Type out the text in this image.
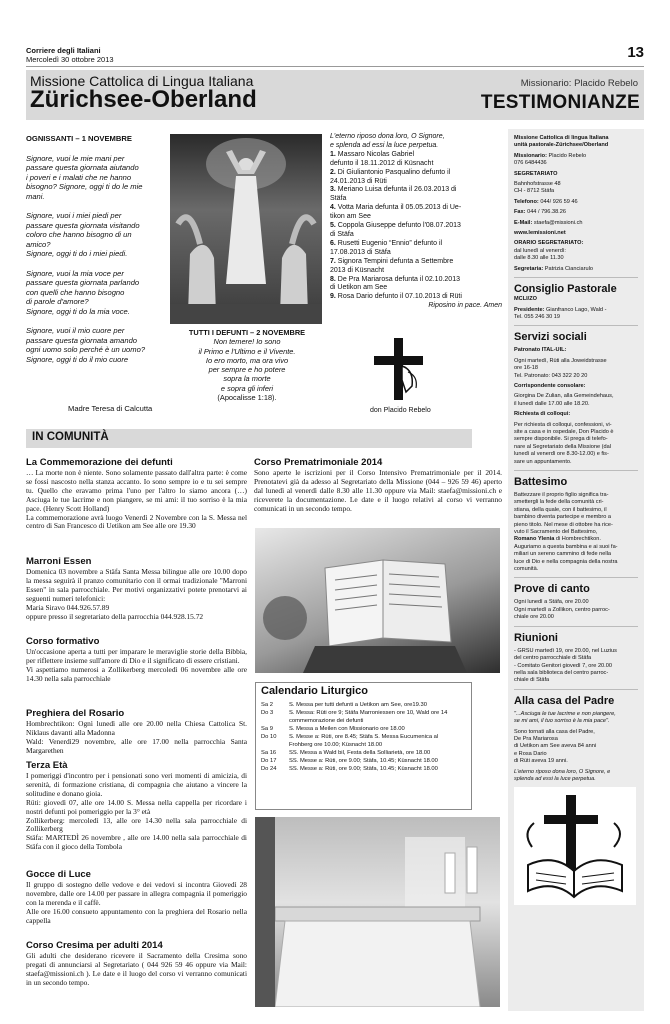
Corriere degli Italiani
Mercoledì 30 ottobre 2013	13
Missione Cattolica di Lingua Italiana
Zürichsee-Oberland
Missionario: Placido Rebelo
TESTIMONIANZE
OGNISSANTI – 1 NOVEMBRE
Signore, vuoi le mie mani per
passare questa giornata aiutando
i poveri e i malati che ne hanno
bisogno? Signore, oggi ti do le mie
mani.
Signore, vuoi i miei piedi per
passare questa giornata visitando
coloro che hanno bisogno di un
amico?
Signore, oggi ti do i miei piedi.
Signore, vuoi la mia voce per
passare questa giornata parlando
con quelli che hanno bisogno
di parole d'amore?
Signore, oggi ti do la mia voce.
Signore, vuoi il mio cuore per
passare questa giornata amando
ogni uomo solo perché è un uomo?
Signore, oggi ti do il mio cuore
Madre Teresa di Calcutta
TUTTI I DEFUNTI – 2 NOVEMBRE
Non temere! Io sono
il Primo e l'Ultimo e il Vivente.
Io ero morto, ma ora vivo
per sempre e ho potere
sopra la morte
e sopra gli inferi
(Apocalisse 1:18).
L'eterno riposo dona loro, O Signore,
e splenda ad essi la luce perpetua.
1. Massaro Nicolas Gabriel
defunto il 18.11.2012 di Küsnacht
2. Di Giuliantonio Pasqualino defunto il
24.01.2013 di Rüti
3. Meriano Luisa defunta il 26.03.2013 di
Stäfa
4. Votta Maria defunta il 05.05.2013 di Ue-
tikon am See
5. Coppola Giuseppe defunto l'08.07.2013
di Stäfa
6. Rusetti Eugenio “Ennio” defunto il
17.08.2013 di Stäfa
7. Signora Tempini defunta a Settembre
2013 di Küsnacht
8. De Pra Mariarosa defunta il 02.10.2013
di Uetikon am See
9. Rosa Dario defunto il 07.10.2013 di Rüti
Riposino in pace. Amen
don Placido Rebelo
IN COMUNITÀ
La Commemorazione dei defunti

… La morte non è niente. Sono solamente passato dall'altra parte: è come se fossi nascosto nella stanza accanto. Io sono sempre io e tu sei sempre tu. Quello che eravamo prima l'uno per l'altro lo siamo ancora (…) Asciuga le tue lacrime e non piangere, se mi ami: il tuo sorriso è la mia pace. (Henry Scott Holland)

La commemorazione avrà luogo Venerdì 2 Novembre con la S. Messa nel centro di San Francesco di Uetikon am See alle ore 19.30

Marroni Essen

Domenica 03 novembre a Stäfa Santa Messa bilingue alle ore 10.00 dopo la messa seguirà il pranzo comunitario con il ormai tradizionale "Marroni Essen" in sala parrocchiale. Per motivi organizzativi potete prenotarvi ai seguenti numeri telefonici:

Maria Siravo 044.926.57.89

oppure presso il segretariato della parrocchia 044.928.15.72

Corso formativo

Un'occasione aperta a tutti per imparare le meraviglie storie della Bibbia, per riflettere insieme sull'amore di Dio e il significato di essere cristiani.

Vi aspettiamo numerosi a Zollikerberg mercoledì 06 novembre alle ore 14.30 nella sala parrocchiale

Preghiera del Rosario

Hombrechtikon: Ognì lunedì alle ore 20.00 nella Chiesa Cattolica St. Niklaus davanti alla Madonna

Wald: Venerdì29 novembre, alle ore 17.00 nella parrocchia Santa Margarethen

Terza Età

I pomeriggi d'incontro per i pensionati sono veri momenti di amicizia, di serenità, di formazione cristiana, di compagnia che aiutano a vincere la solitudine e donano gioia.

Rüti: giovedì 07, alle ore 14.00 S. Messa nella cappella per ricordare i nostri defunti poi pomeriggio per la 3° età

Zollikerberg: mercoledì 13, alle ore 14.30 nella sala parrocchiale di Zollikerberg

Stäfa: MARTEDÌ 26 novembre , alle ore 14.00 nella sala parrocchiale di Stäfa con il gioco della Tombola

Gocce di Luce

Il gruppo di sostegno delle vedove e dei vedovi si incontra Giovedì 28 novembre, dalle ore 14.00 per passare in allegra compagnia il pomeriggio con la merenda e il caffè.

Alle ore 16.00 consueto appuntamento con la preghiera del Rosario nella cappella

Corso Cresima per adulti 2014

Gli adulti che desiderano ricevere il Sacramento della Cresima sono pregati di annunciarsi al Segretariato ( 044 926 59 46 oppure via Mail: staefa@missioni.ch ). Le date e il luogo del corso vi verranno comunicati in un secondo tempo.

Corso Prematrimoniale 2014

Sono aperte le iscrizioni per il Corso Intensivo Prematrimoniale per il 2014. Prenotatevi già da adesso al Segretariato della Missione (044 – 926 59 46) aperto dal lunedì al venerdì dalle 8.30 alle 11.30 oppure via Mail: staefa@missioni.ch e riceverete la documentazione. Le date e il luogo relativi al corso vi verranno comunicati in un secondo tempo.

Calendario Liturgico
Sa 2	S. Messa per tutti defunti a Uetikon am See, ore19.30
Do 3	S. Messa: Rüti ore 9; Stäfa Marroniessen ore 10, Wald ore 14
commemorazione dei defunti
Sa 9	S. Messa a Meilen con Missionario ore 18.00
Do 10	S. Messe a: Rüti, ore 8.45; Stäfa S. Messa Eucumenica al
Frohberg ore 10.00; Küsnacht 18.00
Sa 16	SS. Messa a Wald bil, Festa della Solliarietà, ore 18.00
Do 17	SS. Messe a: Rüti, ore 9.00; Stäfa, 10.45; Küsnacht 18.00
Do 24	SS. Messe a: Rüti, ore 9.00; Stäfa, 10.45; Küsnacht 18.00

Missione Cattolica di lingua Italiana
unità pastorale-Zürichsee/Oberland

Missionario: Placido Rebelo
076 6484436

SEGRETARIATO

Bahnhofstrasse 48
CH - 8712 Stäfa

Telefono: 044/ 926 59 46

Fax: 044 / 796.38.26

E-Mail: staefa@missioni.ch

www.lemissioni.net

ORARIO SEGRETARIATO:
dal lunedì al venerdì:
dalle 8.30 alle 11.30

Segretaria: Patrizia Cianciarulo

Consiglio Pastorale

MCLI/ZO

Presidente: Gianfranco Lago, Wald -
Tel. 055 246 30 19

Servizi sociali

Patronato ITAL-UIL:

Ogni martedì, Rüti alla Joweidstrasse
ore 16-18
Tel. Patronato: 043 322 20 20

Corrispondente consolare:

Giorgina De Zulian, alla Gemeindehaus,
il lunedì dalle 17.00 alle 18.20.

Richiesta di colloqui:

Per richiesta di colloqui, confessioni, vi-
site a casa e in ospedale, Don Placido è
sempre disponibile. Si prega di telefo-
nare al Segretariato della Missione (dal
lunedì al venerdì ore 8.30-12.00) e fis-
sare un appuntamento.

Battesimo

Battezzare il proprio figlio significa tra-
smettergli la fede della comunità cri-
stiana, della quale, con il battesimo, il
bambino diventa partecipe e membro a
pieno titolo. Nel mese di ottobre ha rice-
vuto il Sacramento del Battesimo,
Romano Ylenia di Hombrechtikon.
Auguriamo a questa bambina e ai suoi fa-
miliari un sereno cammino di fede nella
luce di Dio e nella compagnia della nostra
comunità.

Prove di canto

Ogni lunedì a Stäfa, ore 20.00
Ogni martedì a Zollikon, centro parroc-
chiale ore 20.00

Riunioni

- GRSU martedì 19, ore 20.00, nel Luzius
del centro parrocchiale di Stäfa
- Comitato Genitori giovedì 7, ore 20.00
nella sala biblioteca del centro parroc-
chiale di Stäfa

Alla casa del Padre

"...Asciuga le tue lacrime e non piangere,
se mi ami, il tuo sorriso è la mia pace".

Sono tornati alla casa del Padre,
De Pra Mariarosa
di Uetikon am See aveva 84 anni
e Rosa Dario
di Rüti aveva 19 anni.

L'eterno riposo dona loro, O Signore, e
splenda ad essi la luce perpetua.
